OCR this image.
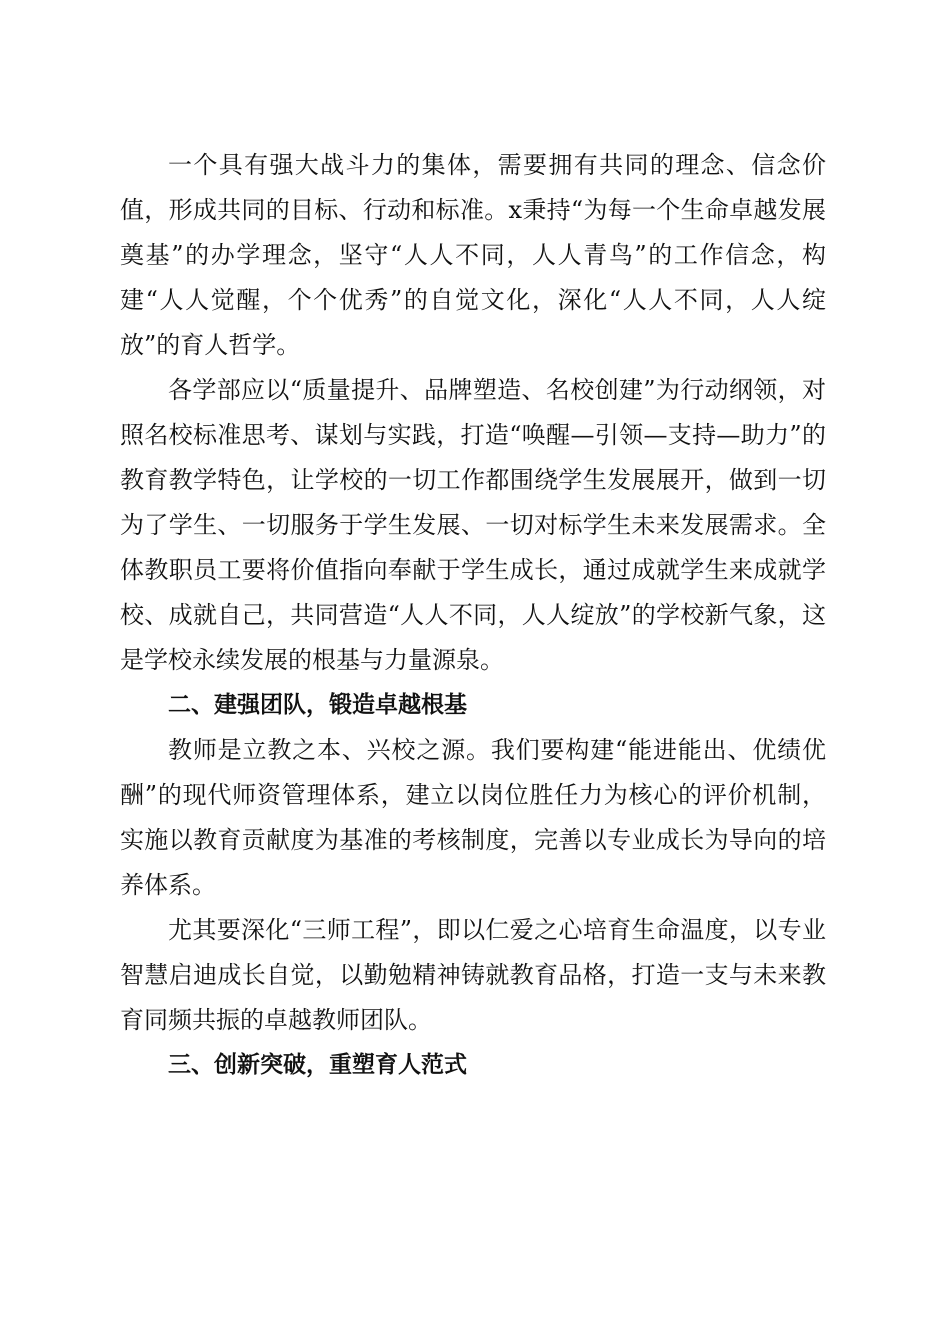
一个具有强大战斗力的集体，需要拥有共同的理念、信念价值，形成共同的目标、行动和标准。x秉持“为每一个生命卓越发展奠基”的办学理念，坚守“人人不同，人人青鸟”的工作信念，构建“人人觉醒，个个优秀”的自觉文化，深化“人人不同，人人绽放”的育人哲学。

各学部应以“质量提升、品牌塑造、名校创建”为行动纲领，对照名校标准思考、谋划与实践，打造“唤醒—引领—支持—助力”的教育教学特色，让学校的一切工作都围绕学生发展展开，做到一切为了学生、一切服务于学生发展、一切对标学生未来发展需求。全体教职员工要将价值指向奉献于学生成长，通过成就学生来成就学校、成就自己，共同营造“人人不同，人人绽放”的学校新气象，这是学校永续发展的根基与力量源泉。

二、建强团队，锻造卓越根基

教师是立教之本、兴校之源。我们要构建“能进能出、优绩优酬”的现代师资管理体系，建立以岗位胜任力为核心的评价机制，实施以教育贡献度为基准的考核制度，完善以专业成长为导向的培养体系。

尤其要深化“三师工程”，即以仁爱之心培育生命温度，以专业智慧启迪成长自觉，以勤勉精神铸就教育品格，打造一支与未来教育同频共振的卓越教师团队。

三、创新突破，重塑育人范式
